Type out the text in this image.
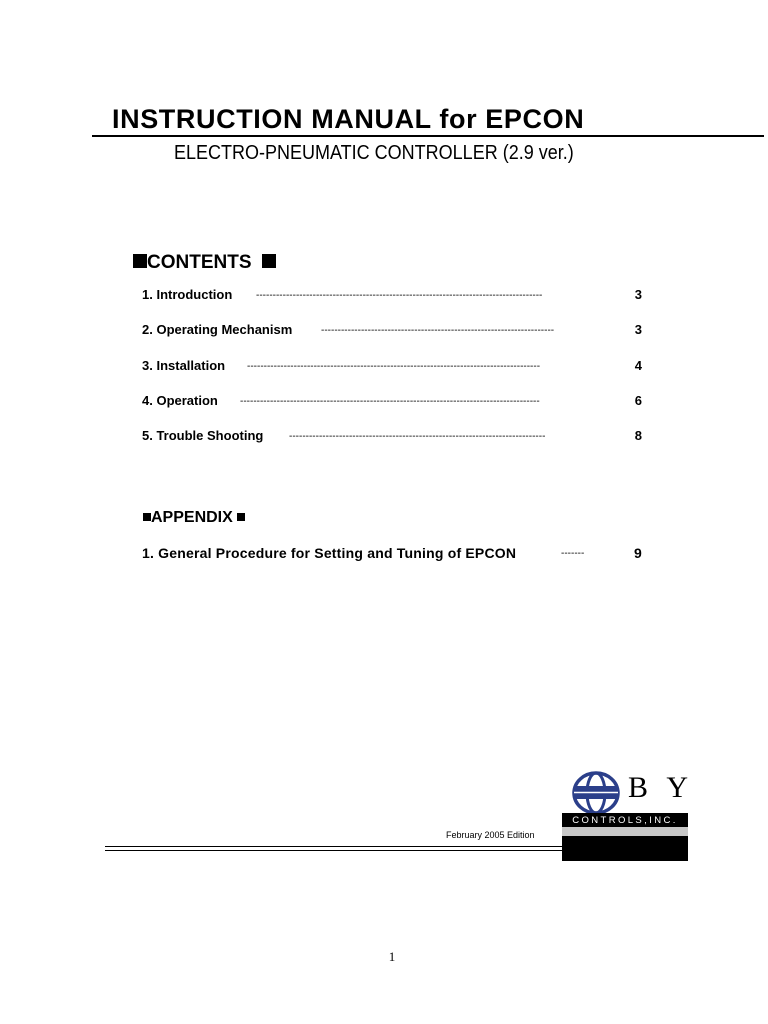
INSTRUCTION MANUAL for EPCON
ELECTRO-PNEUMATIC CONTROLLER (2.9 ver.)
CONTENTS
1. Introduction --------------------------------------------------------------------------------------	3
2. Operating Mechanism	----------------------------------------------------------------------	3
3. Installation ----------------------------------------------------------------------------------------	4
4. Operation ------------------------------------------------------------------------------------------	6
5. Trouble Shooting	-----------------------------------------------------------------------------	8
APPENDIX
1. General Procedure for Setting and Tuning of EPCON	-------	9
B Y
CONTROLS,INC.
February 2005 Edition
1
